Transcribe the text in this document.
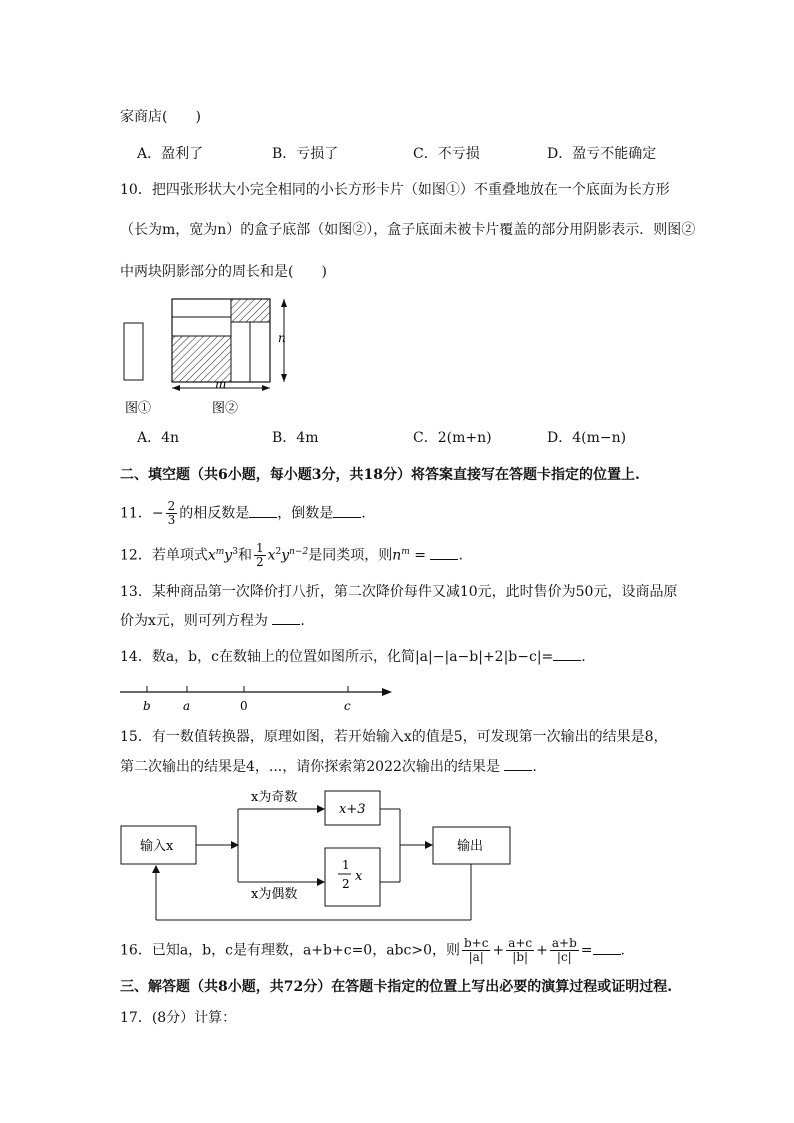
家商店(　　)
A．盈利了	B．亏损了	C．不亏损	D．盈亏不能确定
10．把四张形状大小完全相同的小长方形卡片（如图①）不重叠地放在一个底面为长方形
（长为m，宽为n）的盒子底部（如图②），盒子底面未被卡片覆盖的部分用阴影表示．则图②
中两块阴影部分的周长和是(　　)
n
m
图①	图②
A．4n	B．4m	C．2(m+n)	D．4(m−n)
二、填空题（共6小题，每小题3分，共18分）将答案直接写在答题卡指定的位置上.
11．− $\frac{2}{3}$ 的相反数是 ，倒数是 .
12．若单项式$x^my^3$和 $\frac{1}{2} x^2y^{n-2}$是同类项，则$n^m$ = .
13．某种商品第一次降价打八折，第二次降价每件又减10元，此时售价为50元，设商品原
价为x元，则可列方程为 .
14．数a，b，c在数轴上的位置如图所示，化简|a|−|a−b|+2|b−c|= .
b	a	0	c
15．有一数值转换器，原理如图，若开始输入x的值是5，可发现第一次输出的结果是8，
第二次输出的结果是4，...，请你探索第2022次输出的结果是 .
输入x
x为奇数
x为偶数
x+3
1
2 x
输出
16．已知a，b，c是有理数，a+b+c=0，abc>0，则 $\frac{b+c}{|a|} + \frac{a+c}{|b|} + \frac{a+b}{|c|}$ = .
三、解答题（共8小题，共72分）在答题卡指定的位置上写出必要的演算过程或证明过程.
17．(8分）计算：
